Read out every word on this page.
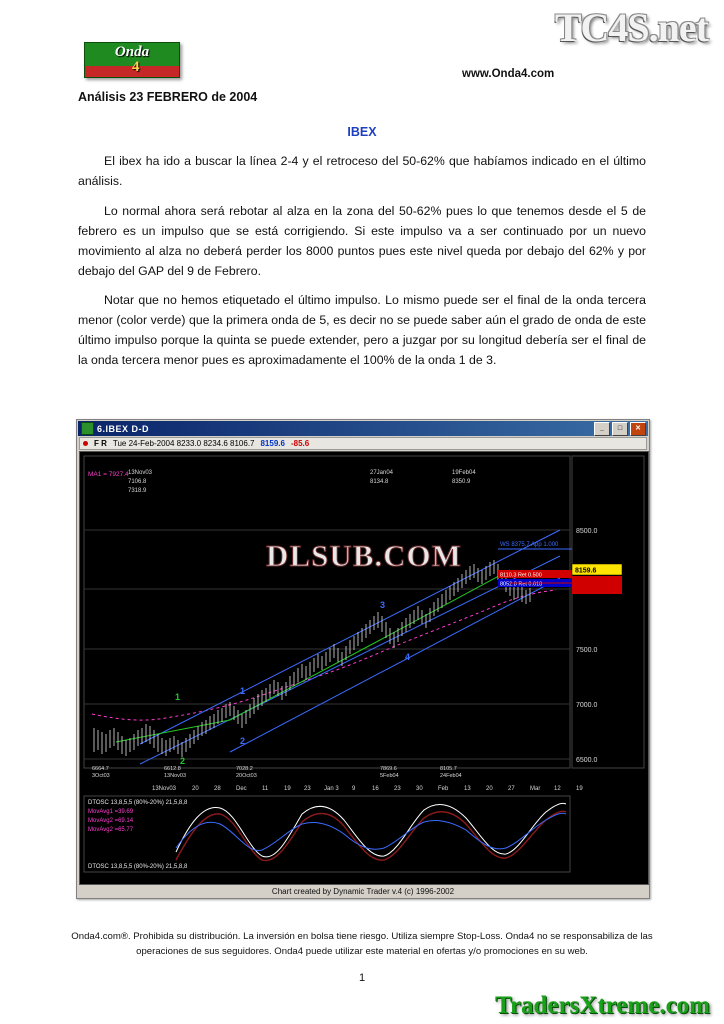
TC4S.net
Onda
4	www.Onda4.com
Análisis 23 FEBRERO de 2004
IBEX

El ibex ha ido a buscar la línea 2-4 y el retroceso del 50-62% que habíamos indicado en el último análisis.

Lo normal ahora será rebotar al alza en la zona del 50-62% pues lo que tenemos desde el 5 de febrero es un impulso que se está corrigiendo. Si este impulso va a ser continuado por un nuevo movimiento al alza no deberá perder los 8000 puntos pues este nivel queda por debajo del 62% y por debajo del GAP del 9 de Febrero.

Notar que no hemos etiquetado el último impulso. Lo mismo puede ser el final de la onda tercera menor (color verde) que la primera onda de 5, es decir no se puede saber aún el grado de onda de este último impulso porque la quinta se puede extender, pero a juzgar por su longitud debería ser el final de la onda tercera menor pues es aproximadamente el 100% de la onda 1 de 3.

6.IBEX D-D	_	□	✕
F R Tue 24-Feb-2004 8233.0 8234.6 8106.7 8159.6 -85.6
8500.0
7500.0
7000.0
6500.0
MA1 = 7927.4 13Nov03
7106.8
7318.9
27Jan04
8134.8
19Feb04
8350.9
1
2
1
2
3
4
WS 8375.7 App 1.000
8110.3 Ret 0.500
8052.8 Ret 0.618
8159.6
6664.7
3Oct03
6612.8
13Nov03
7028.2
20Oct03
7869.6
5Feb04
8105.7
24Feb04
13Nov03	20	28	Dec	11	19 23 Jan 3 9	16	23	30	Feb	13	20	27	Mar 12	19
DTOSC 13,8,5,5 (80%-20%) 21,5,8,8
MovAvg1 =39.69
MovAvg2 =69.14
MovAvg2 =65.77
DTOSC 13,8,5,5 (80%-20%) 21,5,8,8
DLSUB.COM
Chart created by Dynamic Trader v.4 (c) 1996-2002
Onda4.com®. Prohibida su distribución. La inversión en bolsa tiene riesgo. Utiliza siempre Stop-Loss. Onda4 no se responsabiliza de las operaciones de sus seguidores. Onda4 puede utilizar este material en ofertas y/o promociones en su web.
1
TradersXtreme.com
